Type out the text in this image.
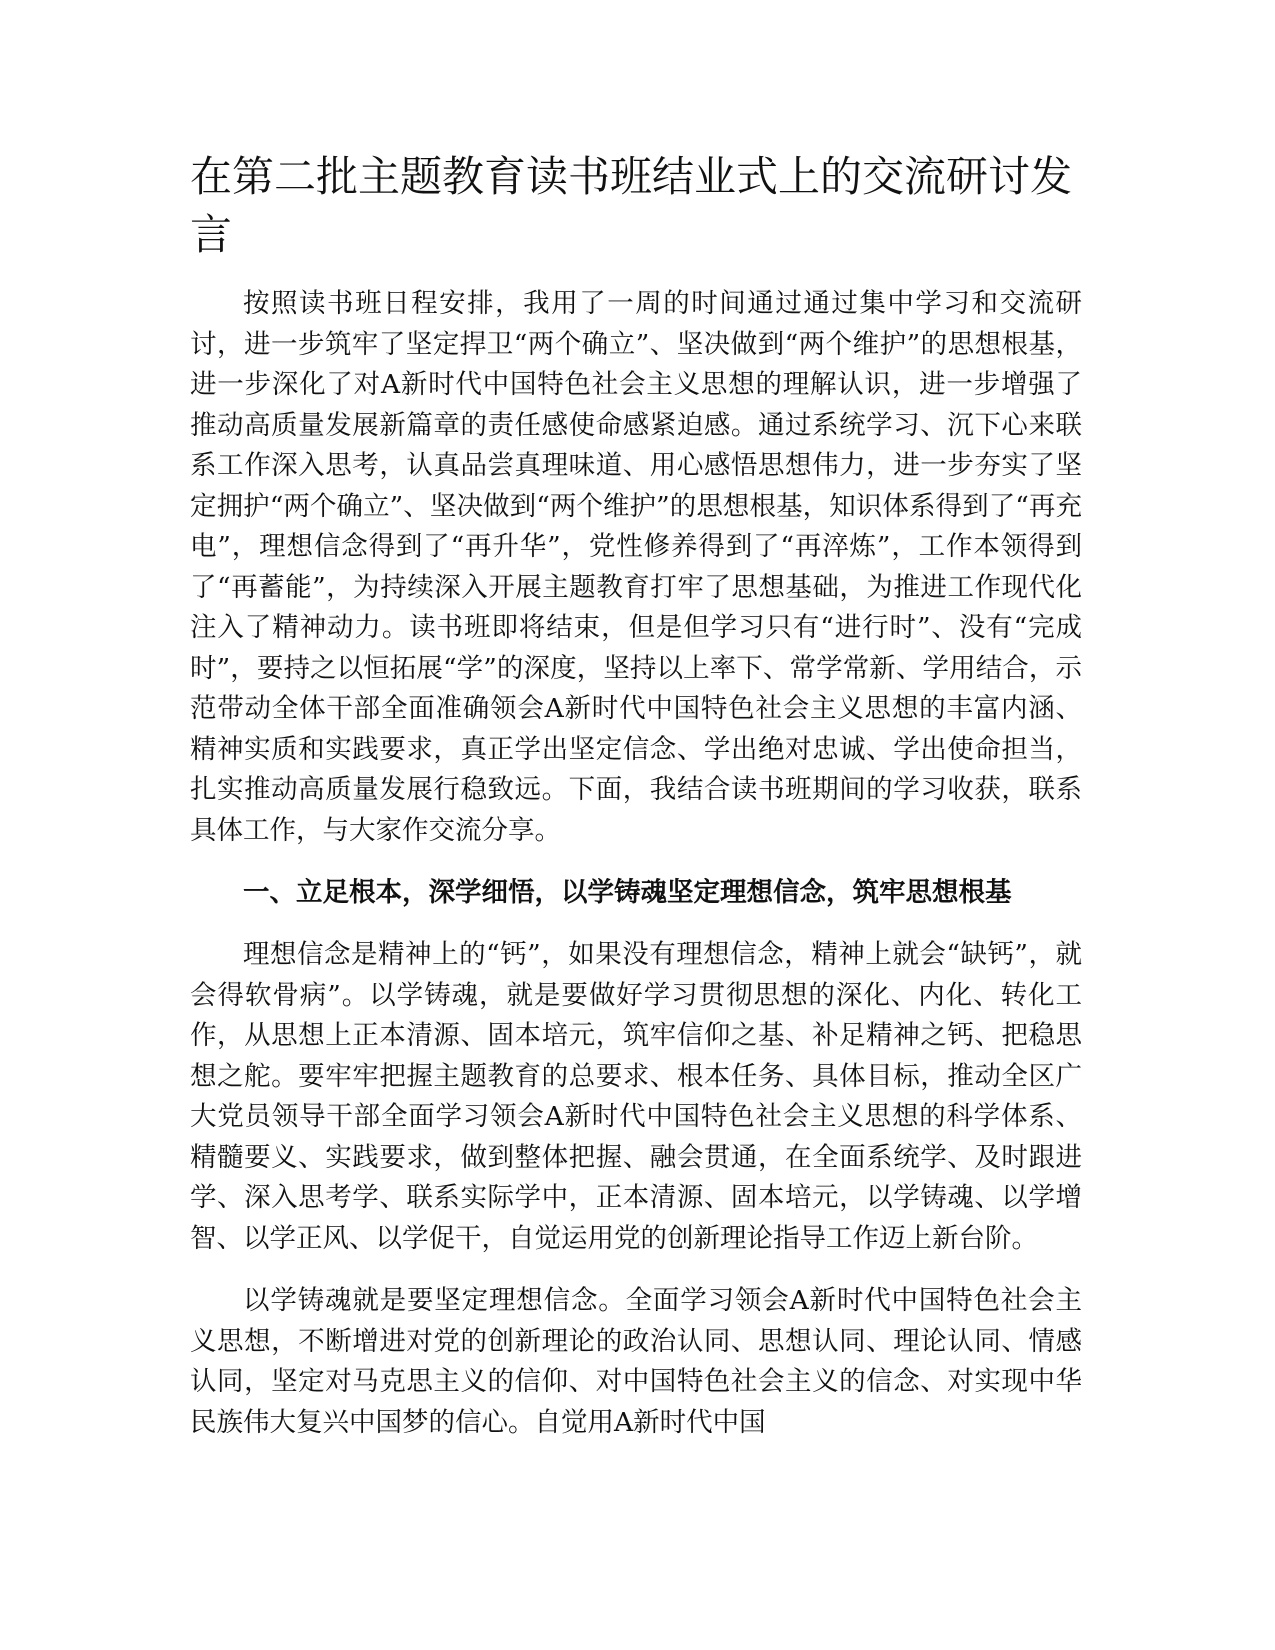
在第二批主题教育读书班结业式上的交流研讨发言

按照读书班日程安排，我用了一周的时间通过通过集中学习和交流研讨，进一步筑牢了坚定捍卫“两个确立”、坚决做到“两个维护”的思想根基，进一步深化了对A新时代中国特色社会主义思想的理解认识，进一步增强了推动高质量发展新篇章的责任感使命感紧迫感。通过系统学习、沉下心来联系工作深入思考，认真品尝真理味道、用心感悟思想伟力，进一步夯实了坚定拥护“两个确立”、坚决做到“两个维护”的思想根基，知识体系得到了“再充电”，理想信念得到了“再升华”，党性修养得到了“再淬炼”，工作本领得到了“再蓄能”，为持续深入开展主题教育打牢了思想基础，为推进工作现代化注入了精神动力。读书班即将结束，但是但学习只有“进行时”、没有“完成时”，要持之以恒拓展“学”的深度，坚持以上率下、常学常新、学用结合，示范带动全体干部全面准确领会A新时代中国特色社会主义思想的丰富内涵、精神实质和实践要求，真正学出坚定信念、学出绝对忠诚、学出使命担当，扎实推动高质量发展行稳致远。下面，我结合读书班期间的学习收获，联系具体工作，与大家作交流分享。

一、立足根本，深学细悟，以学铸魂坚定理想信念，筑牢思想根基

理想信念是精神上的“钙”，如果没有理想信念，精神上就会“缺钙”，就会得软骨病”。以学铸魂，就是要做好学习贯彻思想的深化、内化、转化工作，从思想上正本清源、固本培元，筑牢信仰之基、补足精神之钙、把稳思想之舵。要牢牢把握主题教育的总要求、根本任务、具体目标，推动全区广大党员领导干部全面学习领会A新时代中国特色社会主义思想的科学体系、精髓要义、实践要求，做到整体把握、融会贯通，在全面系统学、及时跟进学、深入思考学、联系实际学中，正本清源、固本培元，以学铸魂、以学增智、以学正风、以学促干，自觉运用党的创新理论指导工作迈上新台阶。

以学铸魂就是要坚定理想信念。全面学习领会A新时代中国特色社会主义思想，不断增进对党的创新理论的政治认同、思想认同、理论认同、情感认同，坚定对马克思主义的信仰、对中国特色社会主义的信念、对实现中华民族伟大复兴中国梦的信心。自觉用A新时代中国
